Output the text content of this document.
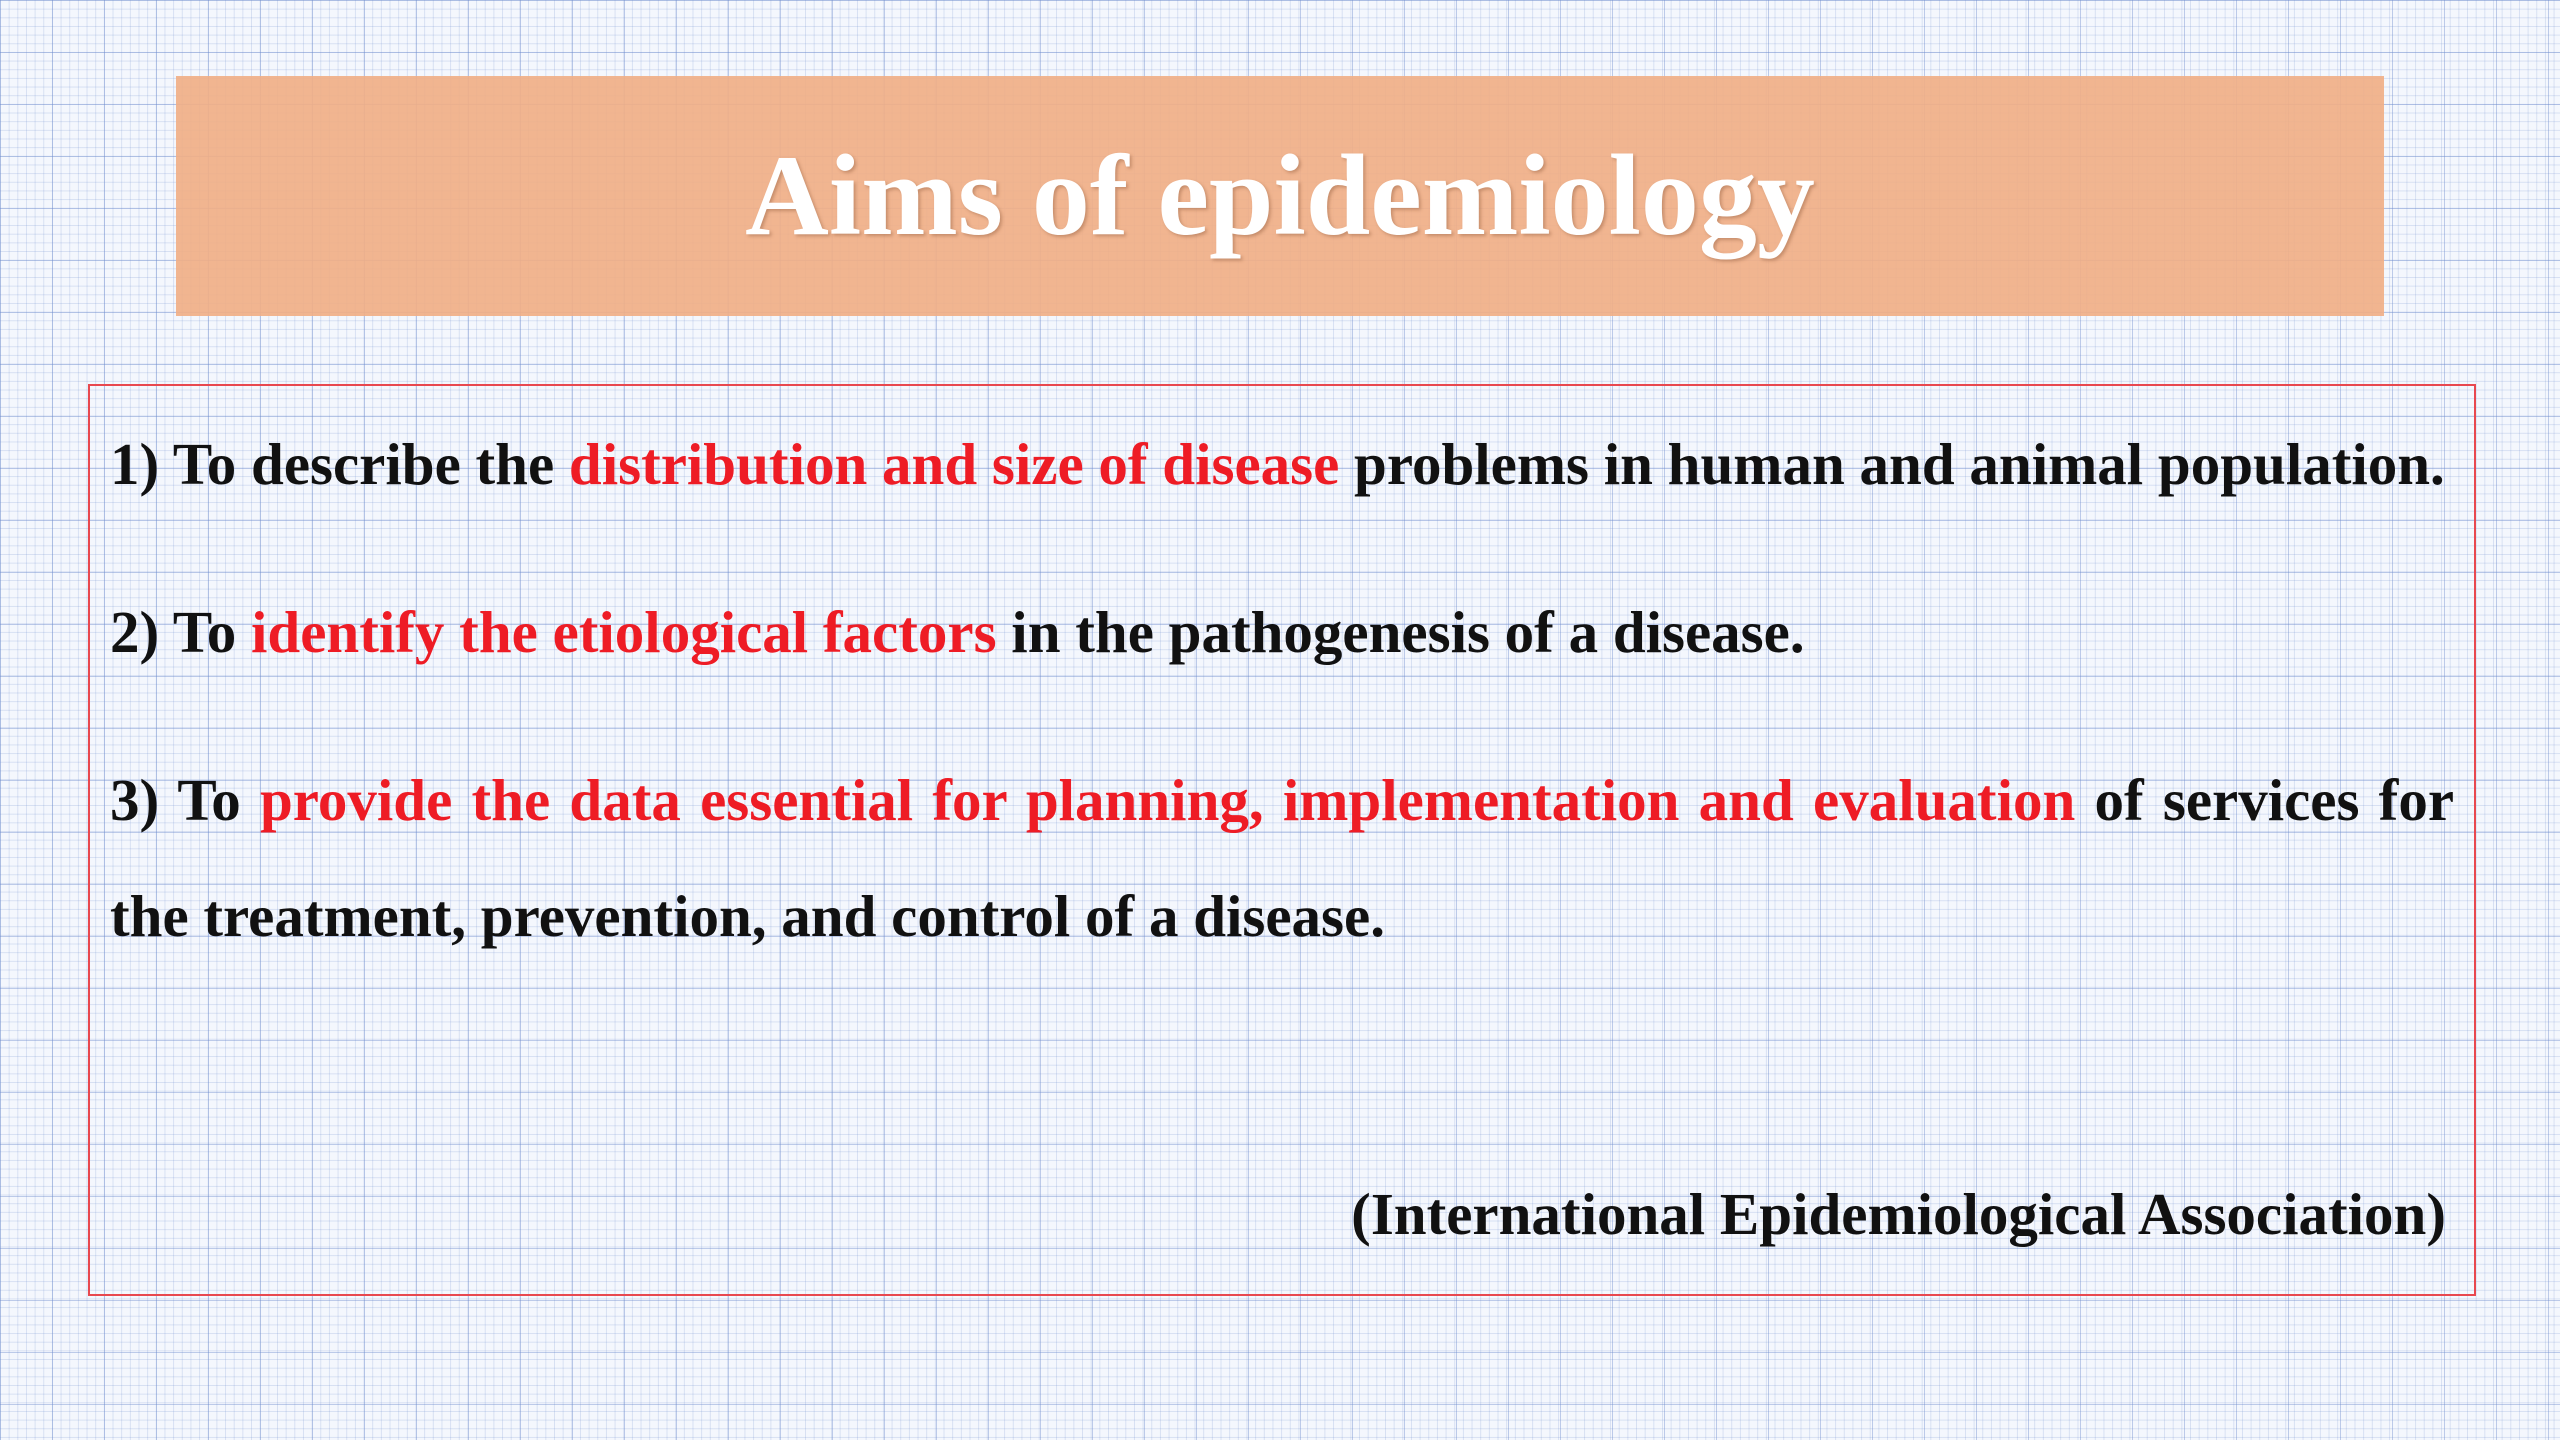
Aims of epidemiology

1) To describe the distribution and size of disease problems in human and animal population.

2) To identify the etiological factors in the pathogenesis of a disease.

3) To provide the data essential for planning, implementation and evaluation of services for the treatment, prevention, and control of a disease.

(International Epidemiological Association)
